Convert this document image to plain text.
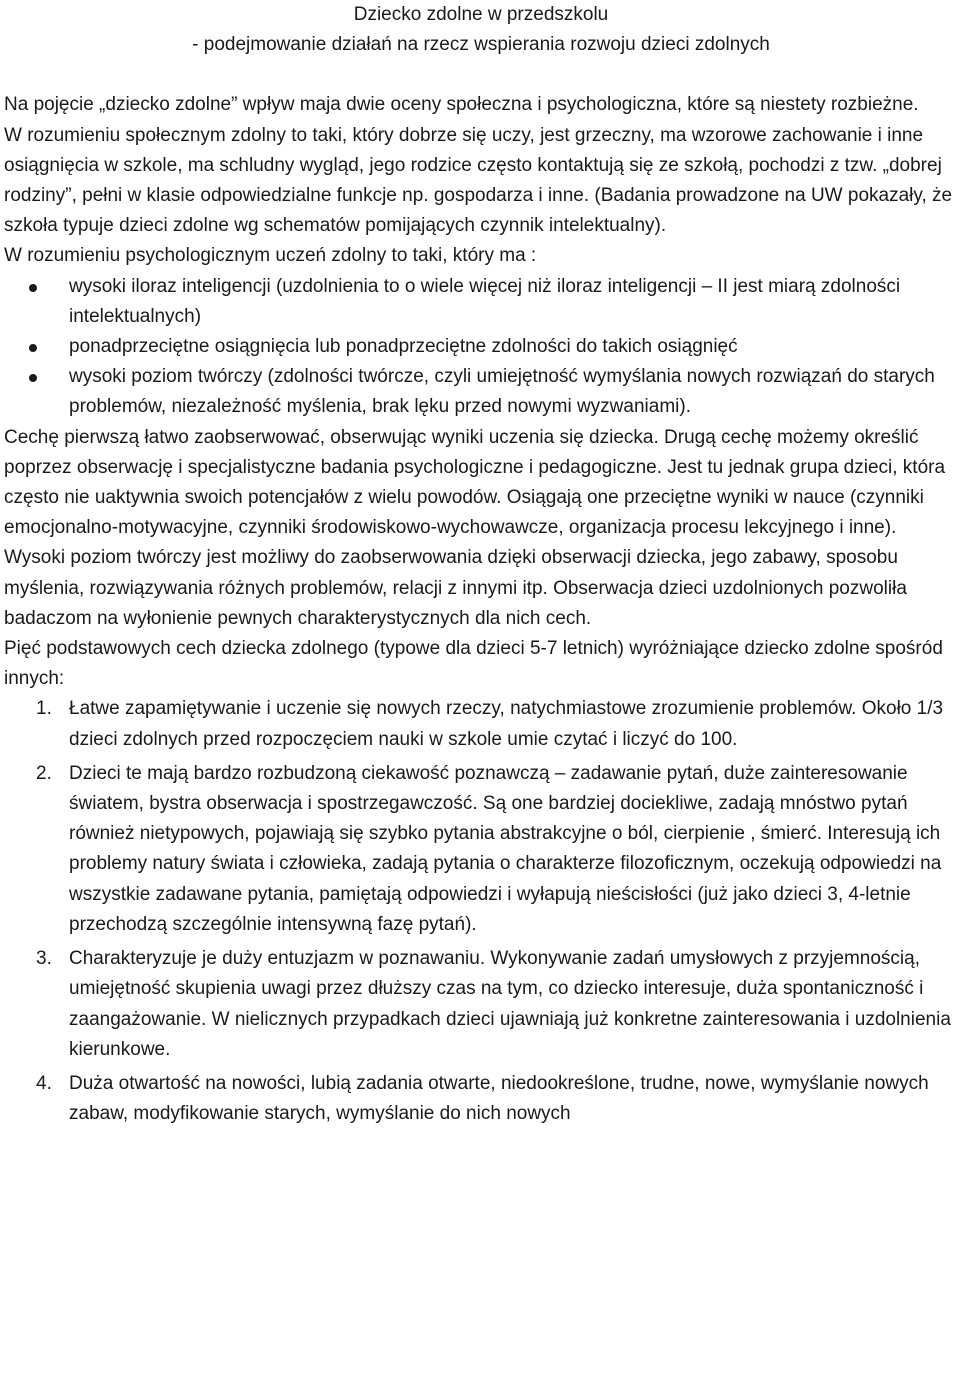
Dziecko zdolne w przedszkolu
- podejmowanie działań na rzecz wspierania rozwoju dzieci zdolnych

Na pojęcie „dziecko zdolne” wpływ maja dwie oceny społeczna i psychologiczna, które są niestety rozbieżne.

W rozumieniu społecznym zdolny to taki, który dobrze się uczy, jest grzeczny, ma wzorowe zachowanie i inne osiągnięcia w szkole, ma schludny wygląd, jego rodzice często kontaktują się ze szkołą, pochodzi z tzw. „dobrej rodziny”, pełni w klasie odpowiedzialne funkcje np. gospodarza i inne. (Badania prowadzone na UW pokazały, że szkoła typuje dzieci zdolne wg schematów pomijających czynnik intelektualny).

W rozumieniu psychologicznym uczeń zdolny to taki, który ma :

wysoki iloraz inteligencji (uzdolnienia to o wiele więcej niż iloraz inteligencji – II jest miarą zdolności intelektualnych)
ponadprzeciętne osiągnięcia lub ponadprzeciętne zdolności do takich osiągnięć
wysoki poziom twórczy (zdolności twórcze, czyli umiejętność wymyślania nowych rozwiązań do starych problemów, niezależność myślenia, brak lęku przed nowymi wyzwaniami).

Cechę pierwszą łatwo zaobserwować, obserwując wyniki uczenia się dziecka. Drugą cechę możemy określić poprzez obserwację i specjalistyczne badania psychologiczne i pedagogiczne. Jest tu jednak grupa dzieci, która często nie uaktywnia swoich potencjałów z wielu powodów. Osiągają one przeciętne wyniki w nauce (czynniki emocjonalno-motywacyjne, czynniki środowiskowo-wychowawcze, organizacja procesu lekcyjnego i inne). Wysoki poziom twórczy jest możliwy do zaobserwowania dzięki obserwacji dziecka, jego zabawy, sposobu myślenia, rozwiązywania różnych problemów, relacji z innymi itp. Obserwacja dzieci uzdolnionych pozwoliła badaczom na wyłonienie pewnych charakterystycznych dla nich cech.

Pięć podstawowych cech dziecka zdolnego (typowe dla dzieci 5-7 letnich) wyróżniające dziecko zdolne spośród innych:

1. Łatwe zapamiętywanie i uczenie się nowych rzeczy, natychmiastowe zrozumienie problemów. Około 1/3 dzieci zdolnych przed rozpoczęciem nauki w szkole umie czytać i liczyć do 100.
2. Dzieci te mają bardzo rozbudzoną ciekawość poznawczą – zadawanie pytań, duże zainteresowanie światem, bystra obserwacja i spostrzegawczość. Są one bardziej dociekliwe, zadają mnóstwo pytań również nietypowych, pojawiają się szybko pytania abstrakcyjne o ból, cierpienie , śmierć. Interesują ich problemy natury świata i człowieka, zadają pytania o charakterze filozoficznym, oczekują odpowiedzi na wszystkie zadawane pytania, pamiętają odpowiedzi i wyłapują nieścisłości (już jako dzieci 3, 4-letnie przechodzą szczególnie intensywną fazę pytań).
3. Charakteryzuje je duży entuzjazm w poznawaniu. Wykonywanie zadań umysłowych z przyjemnością, umiejętność skupienia uwagi przez dłuższy czas na tym, co dziecko interesuje, duża spontaniczność i zaangażowanie. W nielicznych przypadkach dzieci ujawniają już konkretne zainteresowania i uzdolnienia kierunkowe.
4. Duża otwartość na nowości, lubią zadania otwarte, niedookreślone, trudne, nowe, wymyślanie nowych zabaw, modyfikowanie starych, wymyślanie do nich nowych
